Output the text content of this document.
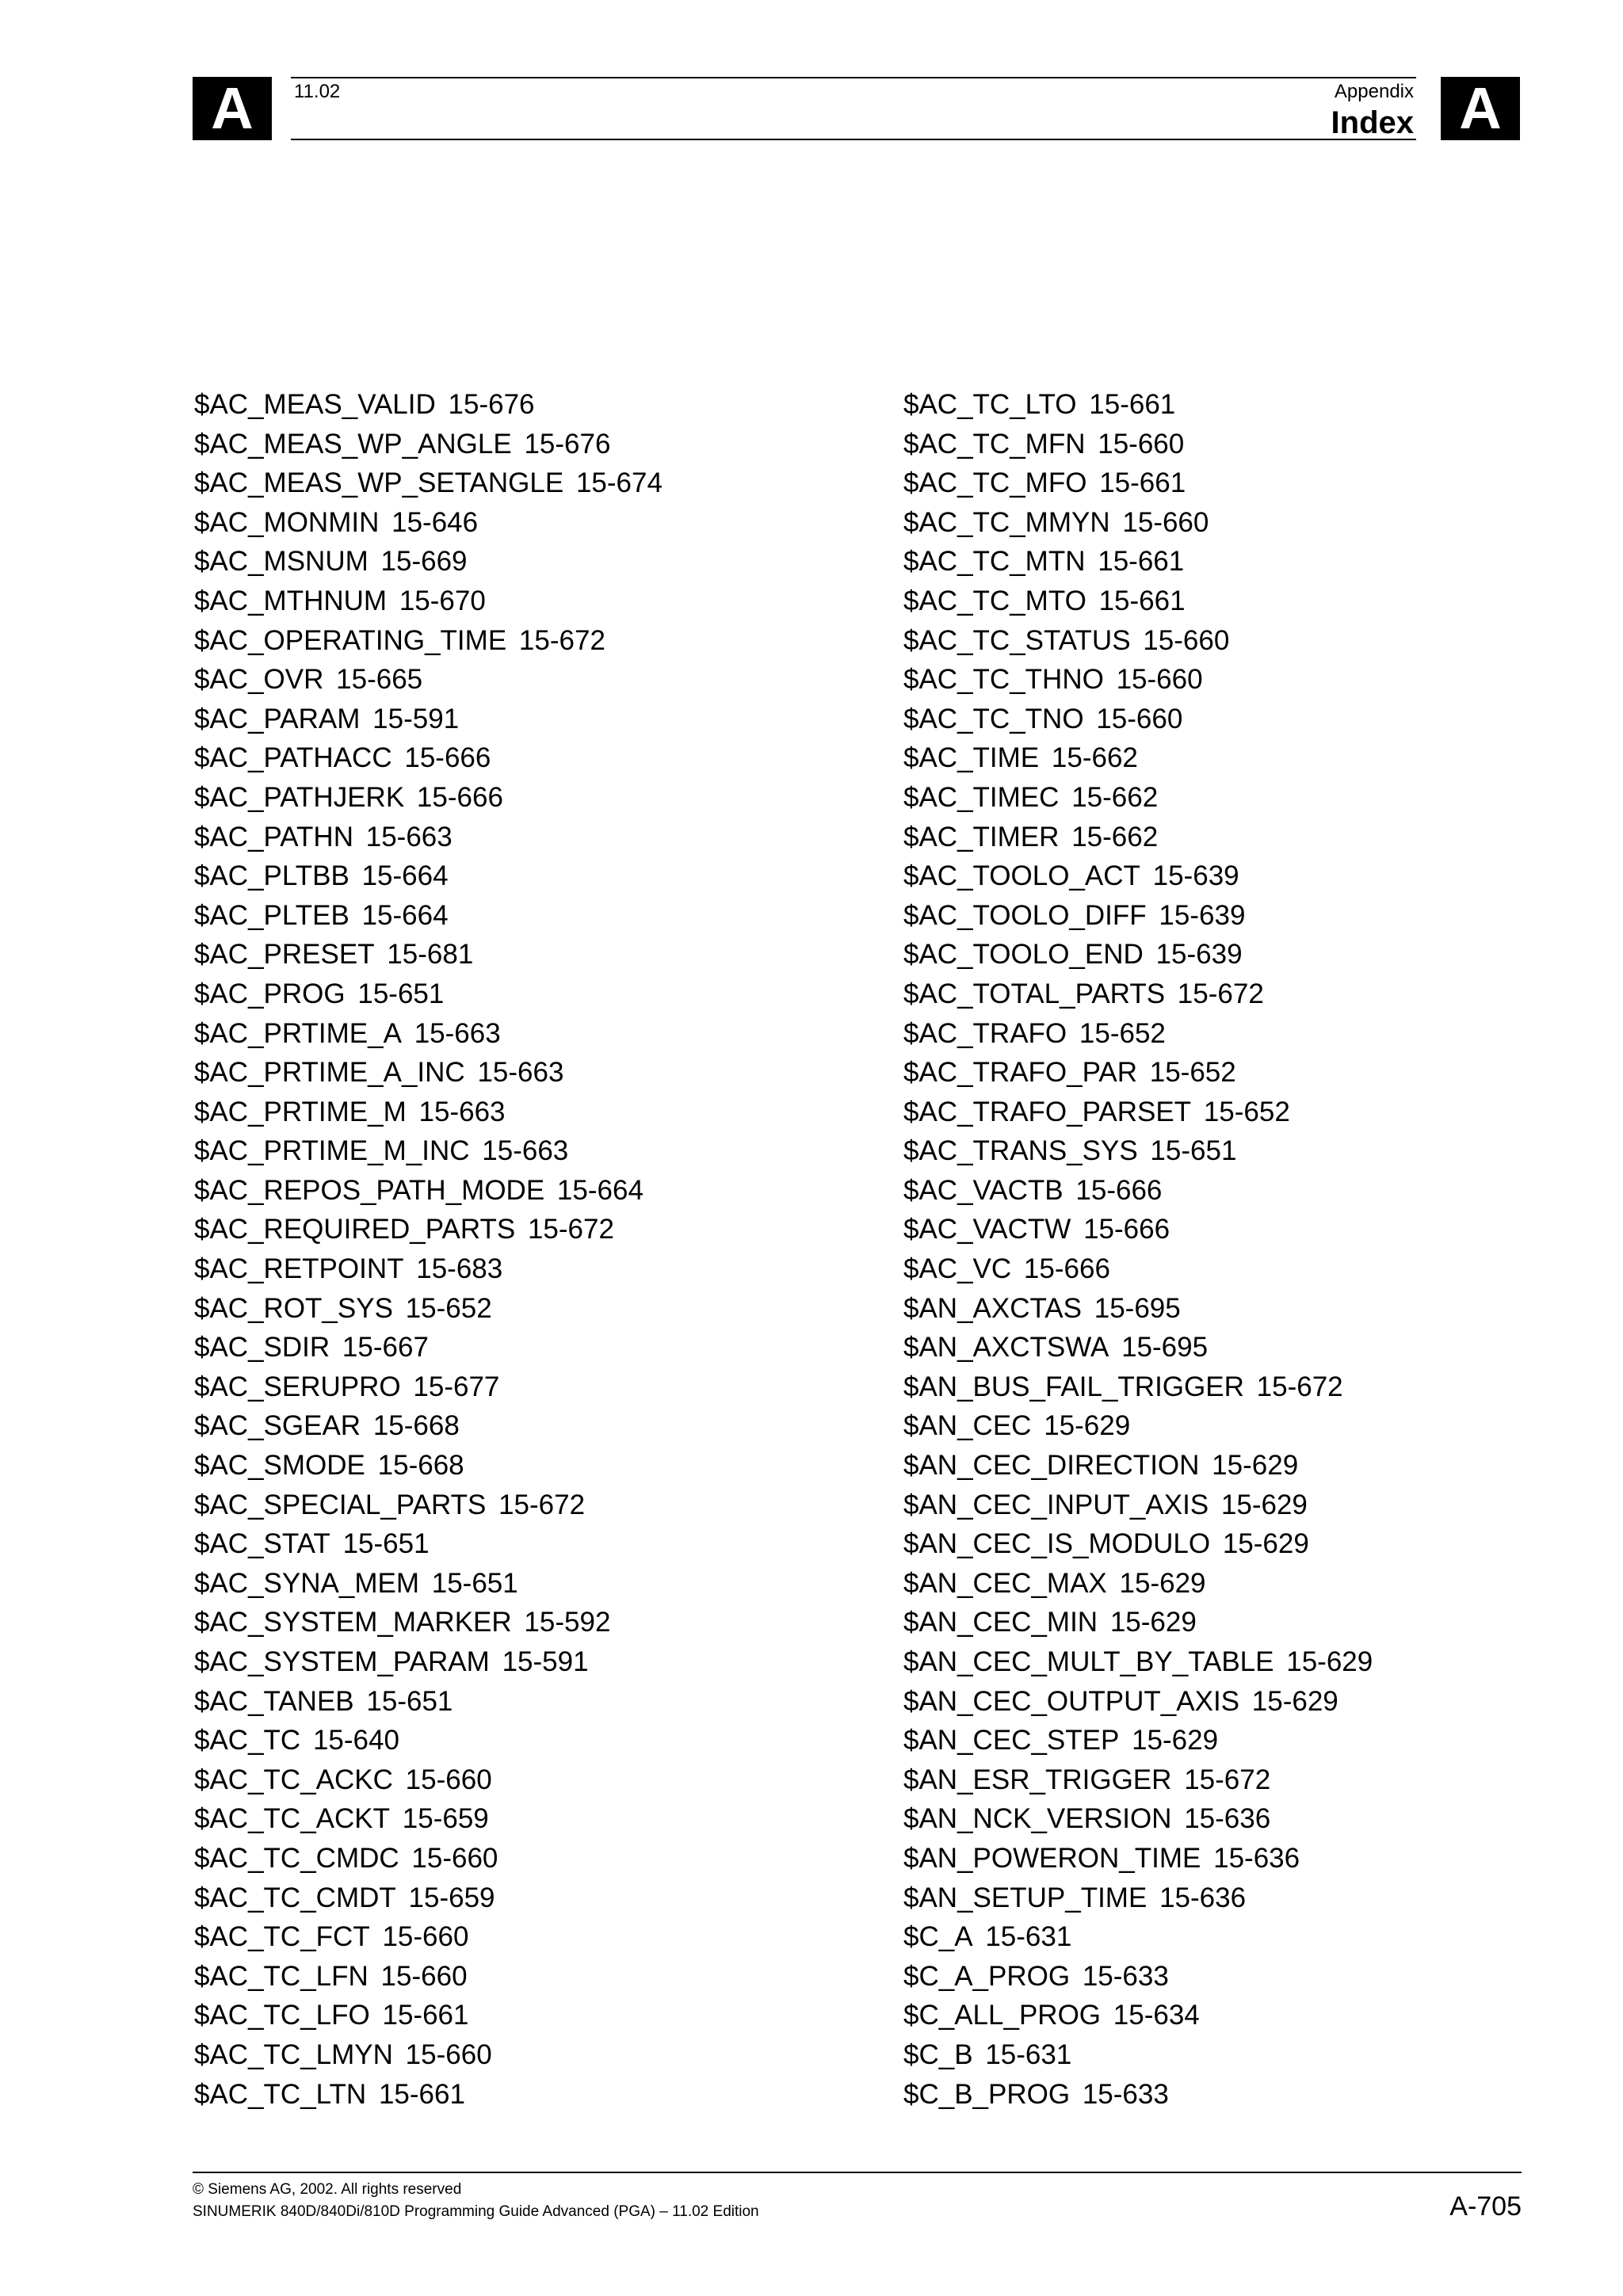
A	11.02	Appendix
Index A
$AC_MEAS_VALID 15-676
$AC_MEAS_WP_ANGLE 15-676
$AC_MEAS_WP_SETANGLE 15-674
$AC_MONMIN 15-646
$AC_MSNUM 15-669
$AC_MTHNUM 15-670
$AC_OPERATING_TIME 15-672
$AC_OVR 15-665
$AC_PARAM 15-591
$AC_PATHACC 15-666
$AC_PATHJERK 15-666
$AC_PATHN 15-663
$AC_PLTBB 15-664
$AC_PLTEB 15-664
$AC_PRESET 15-681
$AC_PROG 15-651
$AC_PRTIME_A 15-663
$AC_PRTIME_A_INC 15-663
$AC_PRTIME_M 15-663
$AC_PRTIME_M_INC 15-663
$AC_REPOS_PATH_MODE 15-664
$AC_REQUIRED_PARTS 15-672
$AC_RETPOINT 15-683
$AC_ROT_SYS 15-652
$AC_SDIR 15-667
$AC_SERUPRO 15-677
$AC_SGEAR 15-668
$AC_SMODE 15-668
$AC_SPECIAL_PARTS 15-672
$AC_STAT 15-651
$AC_SYNA_MEM 15-651
$AC_SYSTEM_MARKER 15-592
$AC_SYSTEM_PARAM 15-591
$AC_TANEB 15-651
$AC_TC 15-640
$AC_TC_ACKC 15-660
$AC_TC_ACKT 15-659
$AC_TC_CMDC 15-660
$AC_TC_CMDT 15-659
$AC_TC_FCT 15-660
$AC_TC_LFN 15-660
$AC_TC_LFO 15-661
$AC_TC_LMYN 15-660
$AC_TC_LTN 15-661
$AC_TC_LTO 15-661
$AC_TC_MFN 15-660
$AC_TC_MFO 15-661
$AC_TC_MMYN 15-660
$AC_TC_MTN 15-661
$AC_TC_MTO 15-661
$AC_TC_STATUS 15-660
$AC_TC_THNO 15-660
$AC_TC_TNO 15-660
$AC_TIME 15-662
$AC_TIMEC 15-662
$AC_TIMER 15-662
$AC_TOOLO_ACT 15-639
$AC_TOOLO_DIFF 15-639
$AC_TOOLO_END 15-639
$AC_TOTAL_PARTS 15-672
$AC_TRAFO 15-652
$AC_TRAFO_PAR 15-652
$AC_TRAFO_PARSET 15-652
$AC_TRANS_SYS 15-651
$AC_VACTB 15-666
$AC_VACTW 15-666
$AC_VC 15-666
$AN_AXCTAS 15-695
$AN_AXCTSWA 15-695
$AN_BUS_FAIL_TRIGGER 15-672
$AN_CEC 15-629
$AN_CEC_DIRECTION 15-629
$AN_CEC_INPUT_AXIS 15-629
$AN_CEC_IS_MODULO 15-629
$AN_CEC_MAX 15-629
$AN_CEC_MIN 15-629
$AN_CEC_MULT_BY_TABLE 15-629
$AN_CEC_OUTPUT_AXIS 15-629
$AN_CEC_STEP 15-629
$AN_ESR_TRIGGER 15-672
$AN_NCK_VERSION 15-636
$AN_POWERON_TIME 15-636
$AN_SETUP_TIME 15-636
$C_A 15-631
$C_A_PROG 15-633
$C_ALL_PROG 15-634
$C_B 15-631
$C_B_PROG 15-633
© Siemens AG, 2002. All rights reserved
SINUMERIK 840D/840Di/810D Programming Guide Advanced (PGA) – 11.02 Edition	A-705
